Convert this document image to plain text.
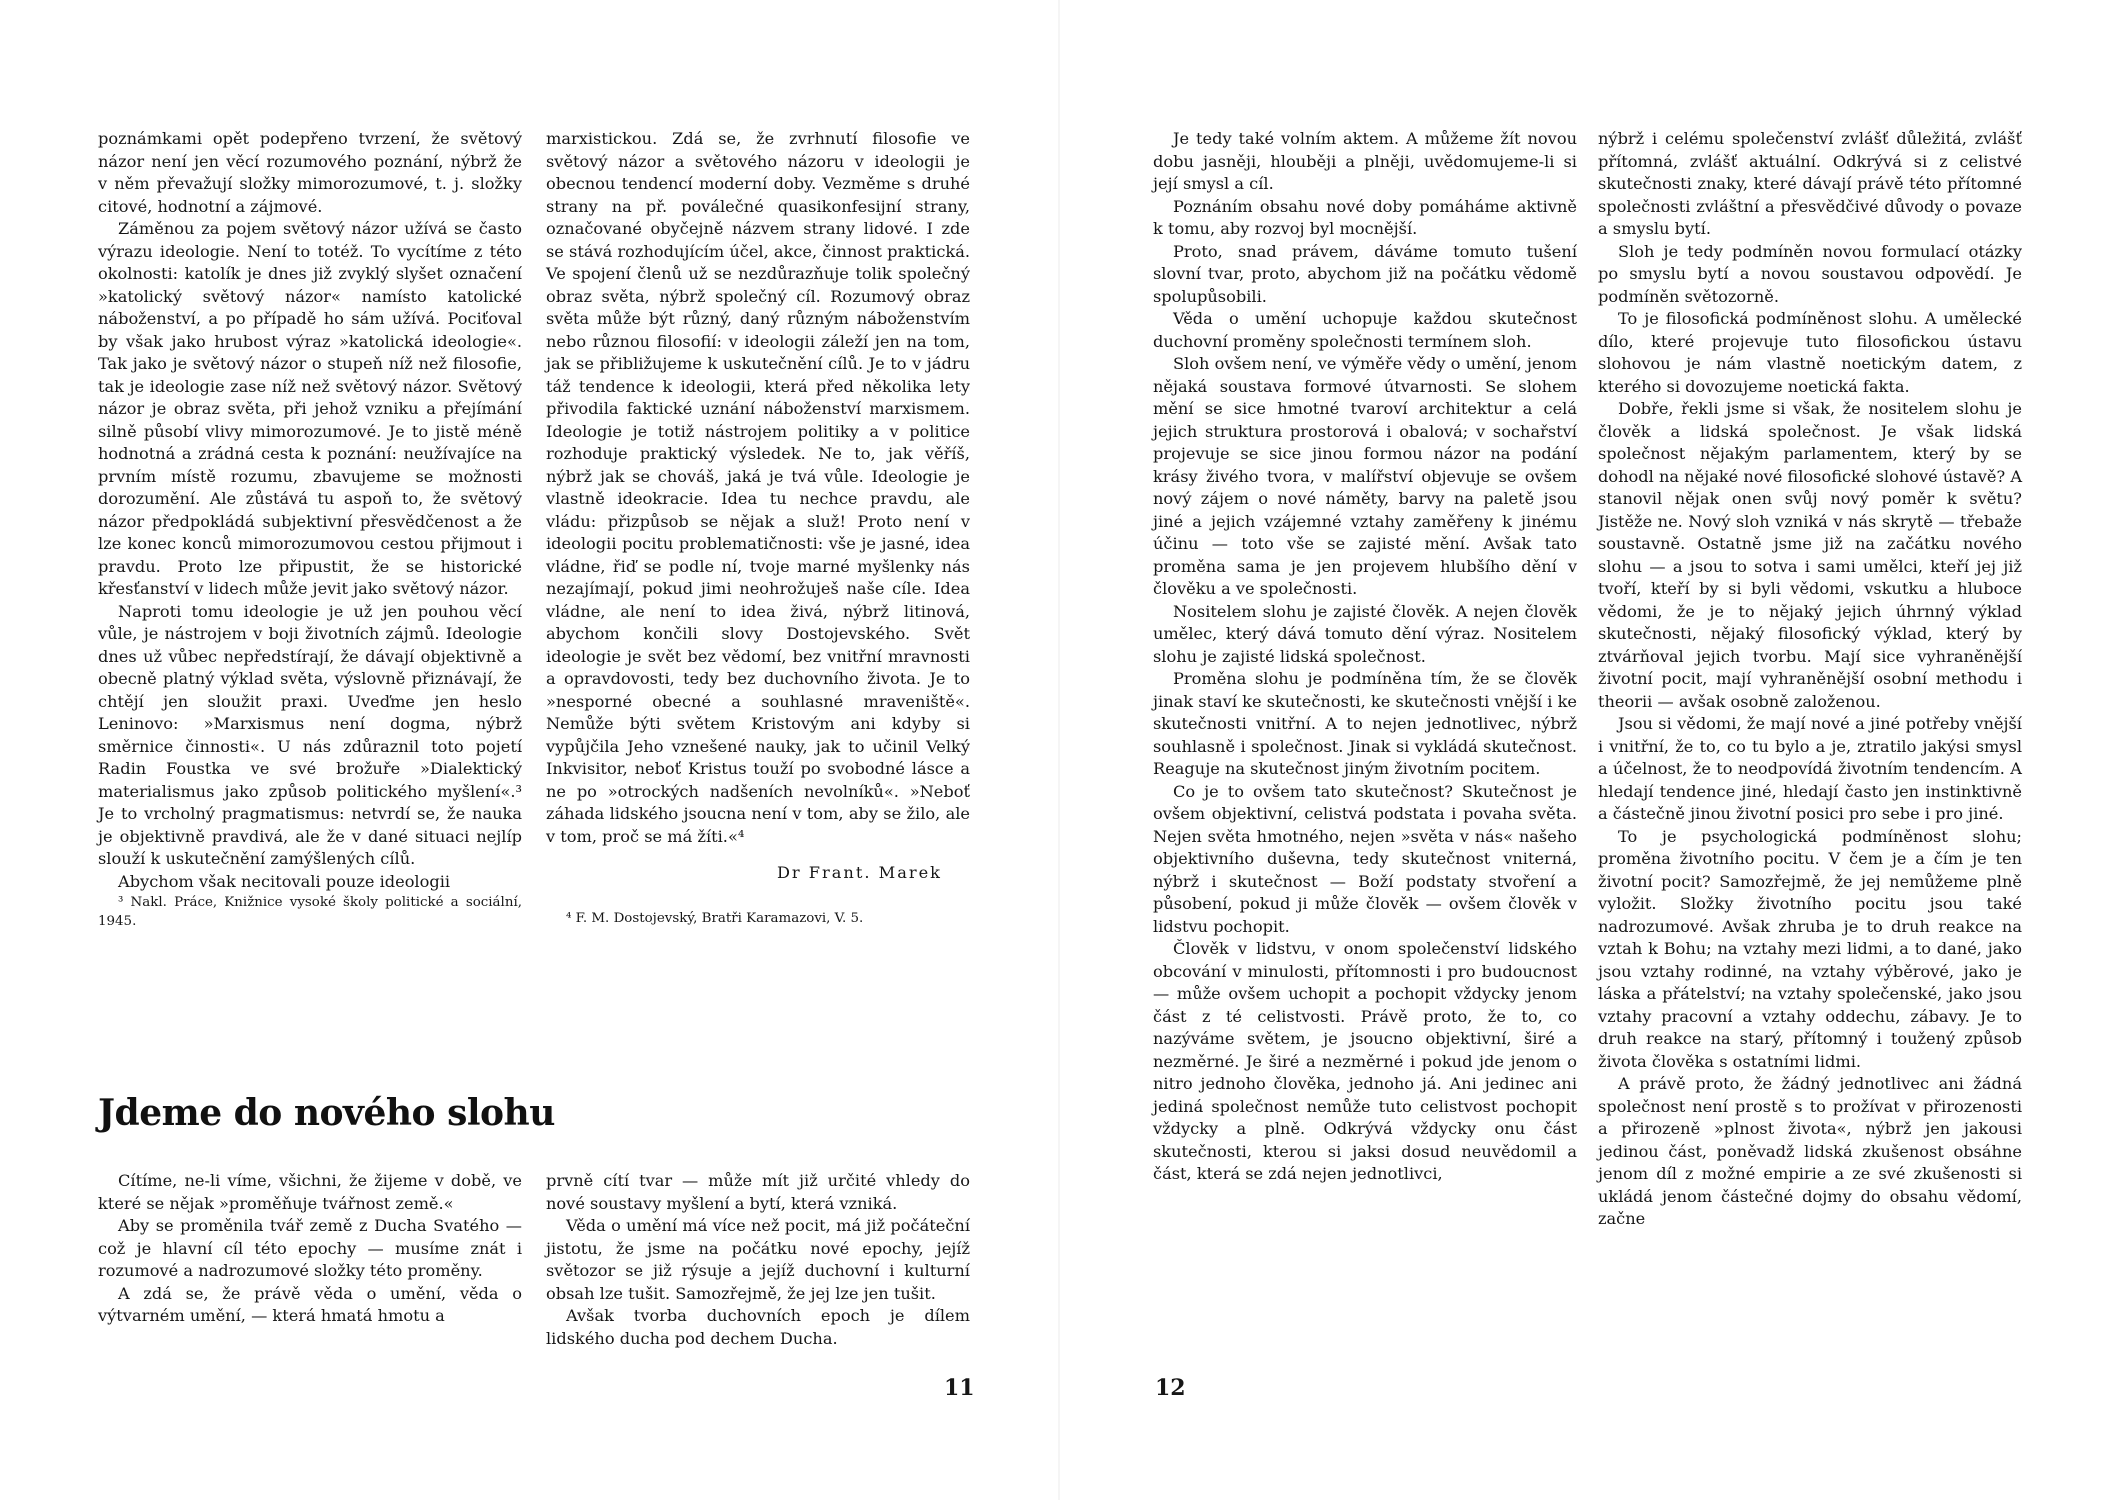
poznámkami opět podepřeno tvrzení, že světový názor není jen věcí rozumového poznání, nýbrž že v něm převažují složky mimorozumové, t. j. složky citové, hodnotní a zájmové.

Záměnou za pojem světový názor užívá se často výrazu ideologie. Není to totéž. To vycítíme z této okolnosti: katolík je dnes již zvyklý slyšet označení »katolický světový názor« namísto katolické náboženství, a po případě ho sám užívá. Pociťoval by však jako hrubost výraz »katolická ideologie«. Tak jako je světový názor o stupeň níž než filosofie, tak je ideologie zase níž než světový názor. Světový názor je obraz světa, při jehož vzniku a přejímání silně působí vlivy mimorozumové. Je to jistě méně hodnotná a zrádná cesta k poznání: neužívajíce na prvním místě rozumu, zbavujeme se možnosti dorozumění. Ale zůstává tu aspoň to, že světový názor předpokládá subjektivní přesvědčenost a že lze konec konců mimorozumovou cestou přijmout i pravdu. Proto lze připustit, že se historické křesťanství v lidech může jevit jako světový názor.

Naproti tomu ideologie je už jen pouhou věcí vůle, je nástrojem v boji životních zájmů. Ideologie dnes už vůbec nepředstírají, že dávají objektivně a obecně platný výklad světa, výslovně přiznávají, že chtějí jen sloužit praxi. Uveďme jen heslo Leninovo: »Marxismus není dogma, nýbrž směrnice činnosti«. U nás zdůraznil toto pojetí Radin Foustka ve své brožuře »Dialektický materialismus jako způsob politického myšlení«.³ Je to vrcholný pragmatismus: netvrdí se, že nauka je objektivně pravdivá, ale že v dané situaci nejlíp slouží k uskutečnění zamýšlených cílů.

Abychom však necitovali pouze ideologii

³ Nakl. Práce, Knižnice vysoké školy politické a sociální, 1945.

marxistickou. Zdá se, že zvrhnutí filosofie ve světový názor a světového názoru v ideologii je obecnou tendencí moderní doby. Vezměme s druhé strany na př. poválečné quasikonfesijní strany, označované obyčejně názvem strany lidové. I zde se stává rozhodujícím účel, akce, činnost praktická. Ve spojení členů už se nezdůrazňuje tolik společný obraz světa, nýbrž společný cíl. Rozumový obraz světa může být různý, daný různým náboženstvím nebo různou filosofií: v ideologii záleží jen na tom, jak se přibližujeme k uskutečnění cílů. Je to v jádru táž tendence k ideologii, která před několika lety přivodila faktické uznání náboženství marxismem. Ideologie je totiž nástrojem politiky a v politice rozhoduje praktický výsledek. Ne to, jak věříš, nýbrž jak se chováš, jaká je tvá vůle. Ideologie je vlastně ideokracie. Idea tu nechce pravdu, ale vládu: přizpůsob se nějak a služ! Proto není v ideologii pocitu problematičnosti: vše je jasné, idea vládne, řiď se podle ní, tvoje marné myšlenky nás nezajímají, pokud jimi neohrožuješ naše cíle. Idea vládne, ale není to idea živá, nýbrž litinová, abychom končili slovy Dostojevského. Svět ideologie je svět bez vědomí, bez vnitřní mravnosti a opravdovosti, tedy bez duchovního života. Je to »nesporné obecné a souhlasné mraveniště«. Nemůže býti světem Kristovým ani kdyby si vypůjčila Jeho vznešené nauky, jak to učinil Velký Inkvisitor, neboť Kristus touží po svobodné lásce a ne po »otrockých nadšeních nevolníků«. »Neboť záhada lidského jsoucna není v tom, aby se žilo, ale v tom, proč se má žíti.«⁴

Dr Frant. Marek

⁴ F. M. Dostojevský, Bratři Karamazovi, V. 5.

Jdeme do nového slohu

Cítíme, ne-li víme, všichni, že žijeme v době, ve které se nějak »proměňuje tvářnost země.«

Aby se proměnila tvář země z Ducha Svatého — což je hlavní cíl této epochy — musíme znát i rozumové a nadrozumové složky této proměny.

A zdá se, že právě věda o umění, věda o výtvarném umění, — která hmatá hmotu a

prvně cítí tvar — může mít již určité vhledy do nové soustavy myšlení a bytí, která vzniká.

Věda o umění má více než pocit, má již počáteční jistotu, že jsme na počátku nové epochy, jejíž světozor se již rýsuje a jejíž duchovní i kulturní obsah lze tušit. Samozřejmě, že jej lze jen tušit.

Avšak tvorba duchovních epoch je dílem lidského ducha pod dechem Ducha.

11

Je tedy také volním aktem. A můžeme žít novou dobu jasněji, hlouběji a plněji, uvědomujeme-li si její smysl a cíl.

Poznáním obsahu nové doby pomáháme aktivně k tomu, aby rozvoj byl mocnější.

Proto, snad právem, dáváme tomuto tušení slovní tvar, proto, abychom již na počátku vědomě spolupůsobili.

Věda o umění uchopuje každou skutečnost duchovní proměny společnosti termínem sloh.

Sloh ovšem není, ve výměře vědy o umění, jenom nějaká soustava formové útvarnosti. Se slohem mění se sice hmotné tvaroví architektur a celá jejich struktura prostorová i obalová; v sochařství projevuje se sice jinou formou názor na podání krásy živého tvora, v malířství objevuje se ovšem nový zájem o nové náměty, barvy na paletě jsou jiné a jejich vzájemné vztahy zaměřeny k jinému účinu — toto vše se zajisté mění. Avšak tato proměna sama je jen projevem hlubšího dění v člověku a ve společnosti.

Nositelem slohu je zajisté člověk. A nejen člověk umělec, který dává tomuto dění výraz. Nositelem slohu je zajisté lidská společnost.

Proměna slohu je podmíněna tím, že se člověk jinak staví ke skutečnosti, ke skutečnosti vnější i ke skutečnosti vnitřní. A to nejen jednotlivec, nýbrž souhlasně i společnost. Jinak si vykládá skutečnost. Reaguje na skutečnost jiným životním pocitem.

Co je to ovšem tato skutečnost? Skutečnost je ovšem objektivní, celistvá podstata i povaha světa. Nejen světa hmotného, nejen »světa v nás« našeho objektivního duševna, tedy skutečnost vniterná, nýbrž i skutečnost — Boží podstaty stvoření a působení, pokud ji může člověk — ovšem člověk v lidstvu pochopit.

Člověk v lidstvu, v onom společenství lidského obcování v minulosti, přítomnosti i pro budoucnost — může ovšem uchopit a pochopit vždycky jenom část z té celistvosti. Právě proto, že to, co nazýváme světem, je jsoucno objektivní, širé a nezměrné. Je širé a nezměrné i pokud jde jenom o nitro jednoho člověka, jednoho já. Ani jedinec ani jediná společnost nemůže tuto celistvost pochopit vždycky a plně. Odkrývá vždycky onu část skutečnosti, kterou si jaksi dosud neuvědomil a část, která se zdá nejen jednotlivci,

nýbrž i celému společenství zvlášť důležitá, zvlášť přítomná, zvlášť aktuální. Odkrývá si z celistvé skutečnosti znaky, které dávají právě této přítomné společnosti zvláštní a přesvědčivé důvody o povaze a smyslu bytí.

Sloh je tedy podmíněn novou formulací otázky po smyslu bytí a novou soustavou odpovědí. Je podmíněn světozorně.

To je filosofická podmíněnost slohu. A umělecké dílo, které projevuje tuto filosofickou ústavu slohovou je nám vlastně noetickým datem, z kterého si dovozujeme noetická fakta.

Dobře, řekli jsme si však, že nositelem slohu je člověk a lidská společnost. Je však lidská společnost nějakým parlamentem, který by se dohodl na nějaké nové filosofické slohové ústavě? A stanovil nějak onen svůj nový poměr k světu? Jistěže ne. Nový sloh vzniká v nás skrytě — třebaže soustavně. Ostatně jsme již na začátku nového slohu — a jsou to sotva i sami umělci, kteří jej již tvoří, kteří by si byli vědomi, vskutku a hluboce vědomi, že je to nějaký jejich úhrnný výklad skutečnosti, nějaký filosofický výklad, který by ztvárňoval jejich tvorbu. Mají sice vyhraněnější životní pocit, mají vyhraněnější osobní methodu i theorii — avšak osobně založenou.

Jsou si vědomi, že mají nové a jiné potřeby vnější i vnitřní, že to, co tu bylo a je, ztratilo jakýsi smysl a účelnost, že to neodpovídá životním tendencím. A hledají tendence jiné, hledají často jen instinktivně a částečně jinou životní posici pro sebe i pro jiné.

To je psychologická podmíněnost slohu; proměna životního pocitu. V čem je a čím je ten životní pocit? Samozřejmě, že jej nemůžeme plně vyložit. Složky životního pocitu jsou také nadrozumové. Avšak zhruba je to druh reakce na vztah k Bohu; na vztahy mezi lidmi, a to dané, jako jsou vztahy rodinné, na vztahy výběrové, jako je láska a přátelství; na vztahy společenské, jako jsou vztahy pracovní a vztahy oddechu, zábavy. Je to druh reakce na starý, přítomný i toužený způsob života člověka s ostatními lidmi.

A právě proto, že žádný jednotlivec ani žádná společnost není prostě s to prožívat v přirozenosti a přirozeně »plnost života«, nýbrž jen jakousi jedinou část, poněvadž lidská zkušenost obsáhne jenom díl z možné empirie a ze své zkušenosti si ukládá jenom částečné dojmy do obsahu vědomí, začne

12
